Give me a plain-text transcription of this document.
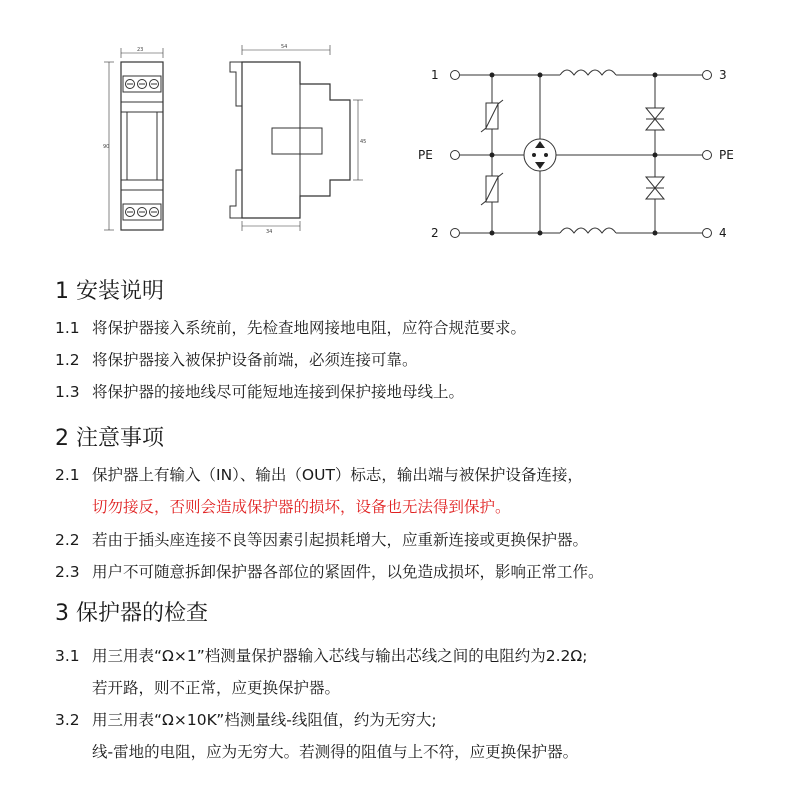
23
90
54
45
34
1
PE
2
3
PE
4
1 安装说明
1.1 将保护器接入系统前，先检查地网接地电阻，应符合规范要求。
1.2 将保护器接入被保护设备前端，必须连接可靠。
1.3 将保护器的接地线尽可能短地连接到保护接地母线上。
2 注意事项
2.1 保护器上有输入（IN）、输出（OUT）标志，输出端与被保护设备连接，
切勿接反，否则会造成保护器的损坏，设备也无法得到保护。
2.2 若由于插头座连接不良等因素引起损耗增大，应重新连接或更换保护器。
2.3 用户不可随意拆卸保护器各部位的紧固件，以免造成损坏，影响正常工作。
3 保护器的检查
3.1 用三用表“Ω×1”档测量保护器输入芯线与输出芯线之间的电阻约为2.2Ω;
若开路，则不正常，应更换保护器。
3.2 用三用表“Ω×10K”档测量线-线阻值，约为无穷大;
线-雷地的电阻，应为无穷大。若测得的阻值与上不符，应更换保护器。
